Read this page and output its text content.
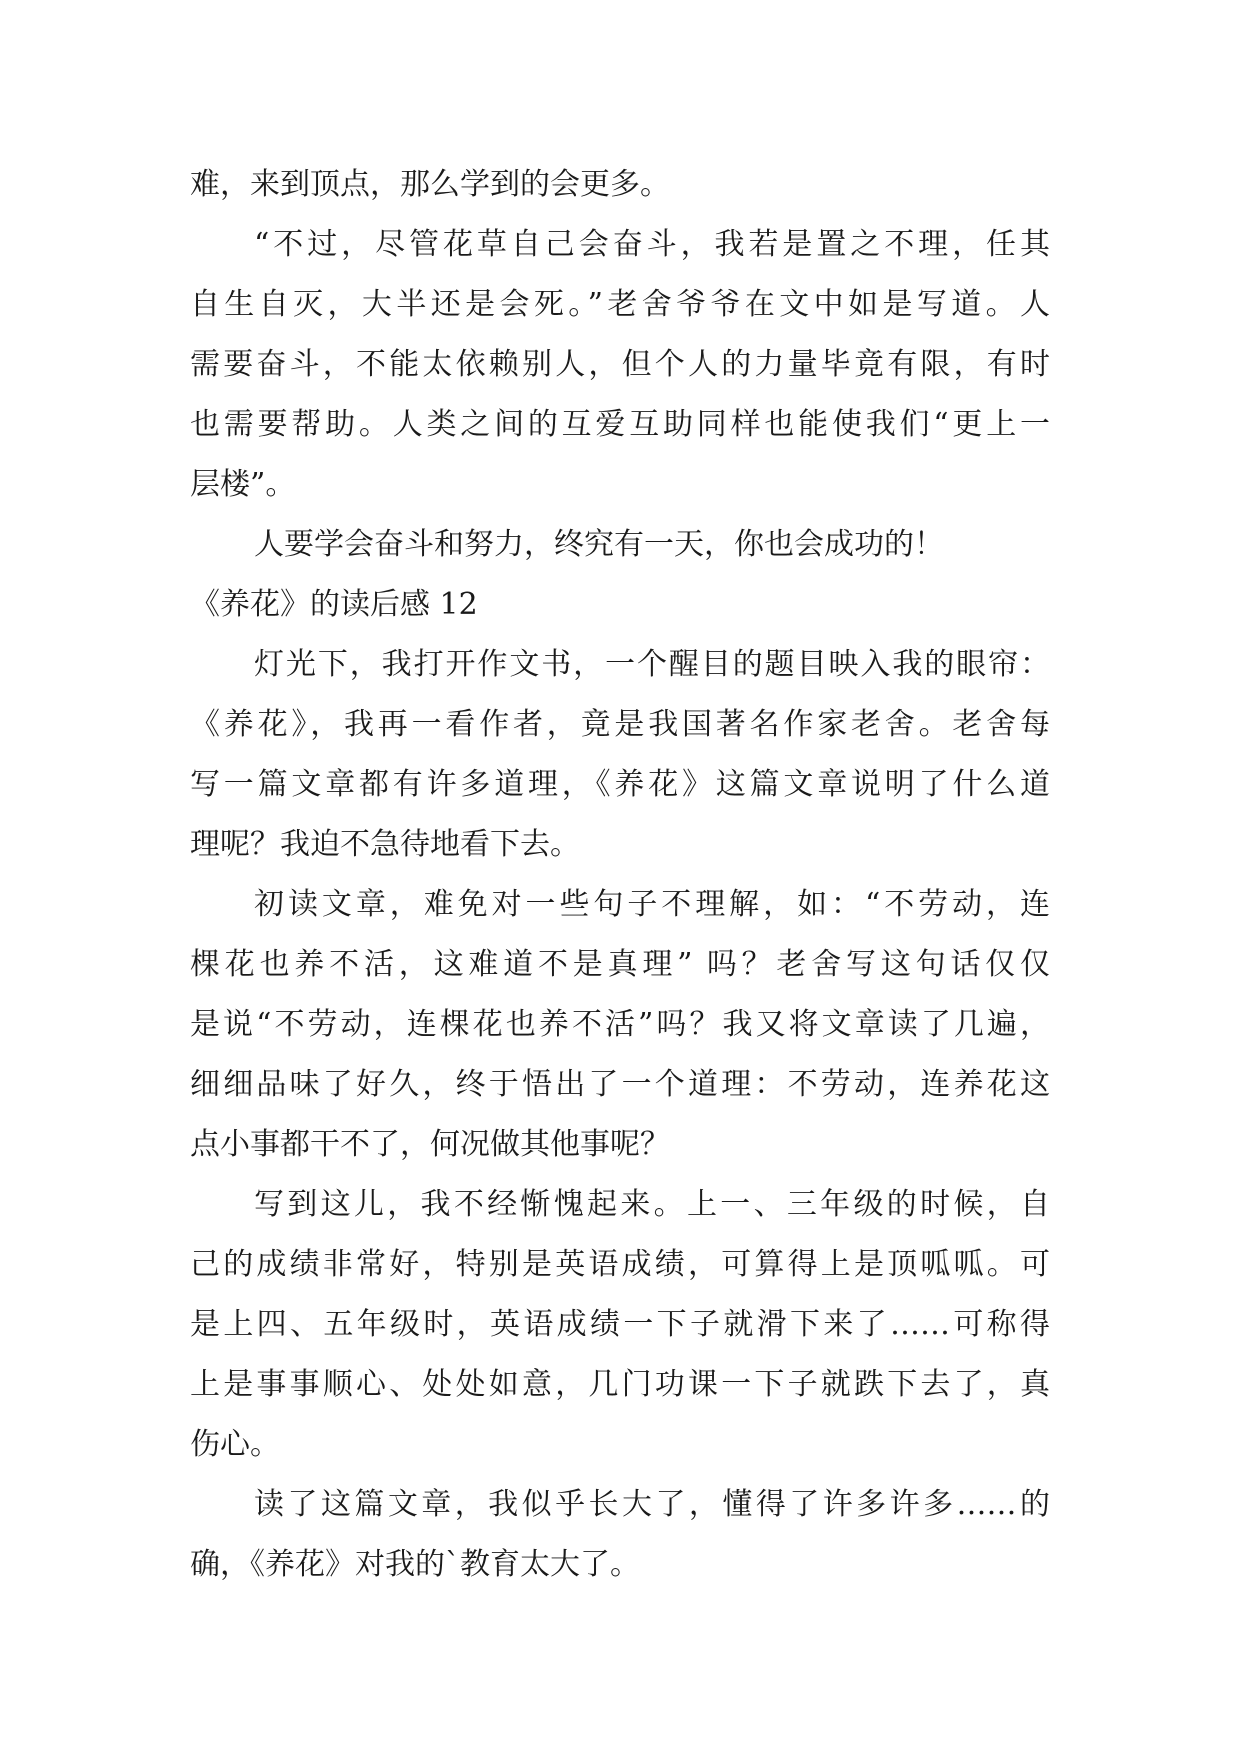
难，来到顶点，那么学到的会更多。
“不过，尽管花草自己会奋斗，我若是置之不理，任其
自生自灭，大半还是会死。”老舍爷爷在文中如是写道。人
需要奋斗，不能太依赖别人，但个人的力量毕竟有限，有时
也需要帮助。人类之间的互爱互助同样也能使我们“更上一
层楼”。
人要学会奋斗和努力，终究有一天，你也会成功的！
《养花》的读后感 12
灯光下，我打开作文书，一个醒目的题目映入我的眼帘：
《养花》，我再一看作者，竟是我国著名作家老舍。老舍每
写一篇文章都有许多道理，《养花》这篇文章说明了什么道
理呢？我迫不急待地看下去。
初读文章，难免对一些句子不理解，如：“不劳动，连
棵花也养不活，这难道不是真理” 吗？老舍写这句话仅仅
是说“不劳动，连棵花也养不活”吗？我又将文章读了几遍，
细细品味了好久，终于悟出了一个道理：不劳动，连养花这
点小事都干不了，何况做其他事呢？
写到这儿，我不经惭愧起来。上一、三年级的时候，自
己的成绩非常好，特别是英语成绩，可算得上是顶呱呱。可
是上四、五年级时，英语成绩一下子就滑下来了……可称得
上是事事顺心、处处如意，几门功课一下子就跌下去了，真
伤心。
读了这篇文章，我似乎长大了，懂得了许多许多……的
确，《养花》对我的`教育太大了。
